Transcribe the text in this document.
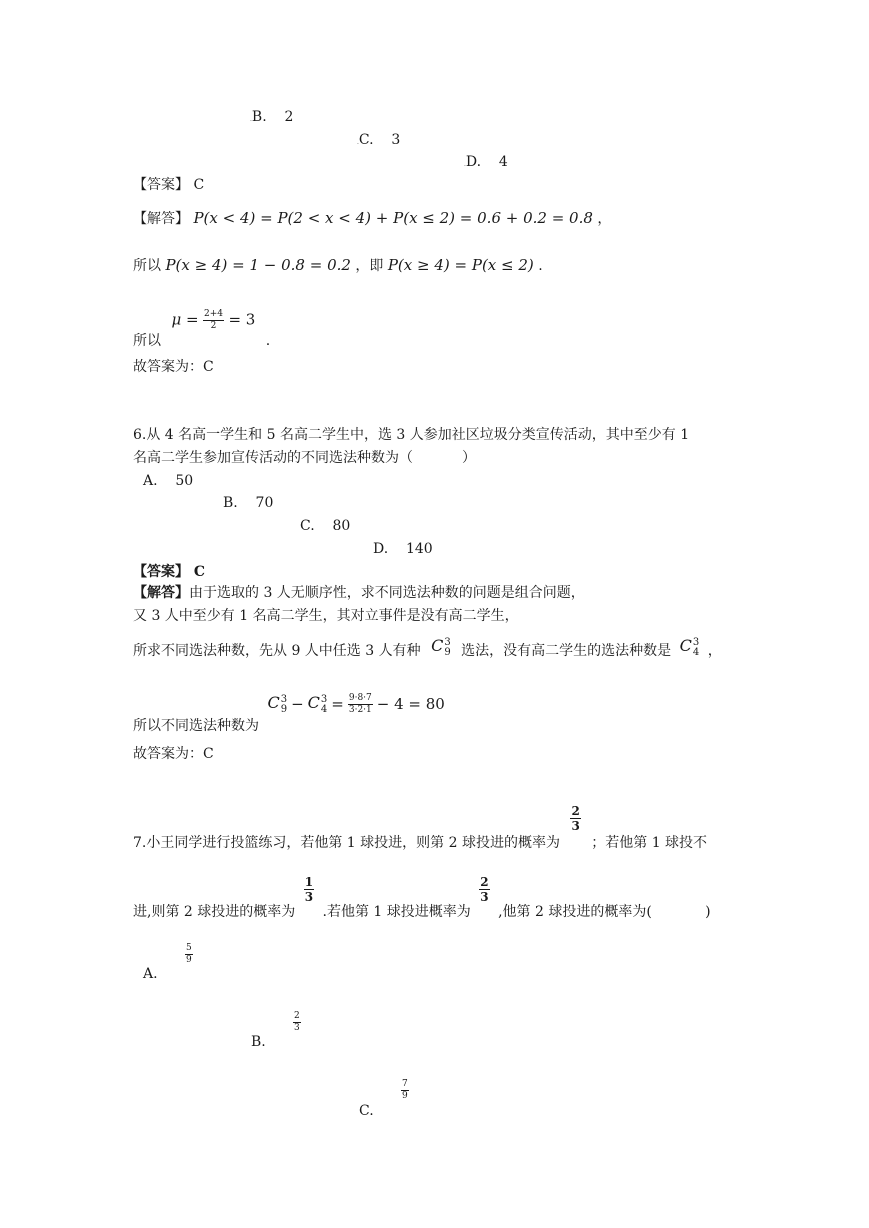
.B.    2
.C.    3
.D.    4
【答案】 C
【解答】 P(x < 4) = P(2 < x < 4) + P(x ≤ 2) = 0.6 + 0.2 = 0.8 ，
所以 P(x ≥ 4) = 1 − 0.8 = 0.2 ，即 P(x ≥ 4) = P(x ≤ 2) .
所以 $\mu = \frac{2+4}{2} = 3$ .
故答案为：C
6.从 4 名高一学生和 5 名高二学生中，选 3 人参加社区垃圾分类宣传活动，其中至少有 1
名高二学生参加宣传活动的不同选法种数为（           ）
A.    50
B.    70
C.    80
D.    140
【答案】 C
【解答】由于选取的 3 人无顺序性，求不同选法种数的问题是组合问题，
又 3 人中至少有 1 名高二学生，其对立事件是没有高二学生，
所求不同选法种数，先从 9 人中任选 3 人有种 C 3
9 选法，没有高二学生的选法种数是 C 3
4 ，
所以不同选法种数为
C 3
9 − C 3
$4 = \frac{9\cdot 8\cdot 7}{3\cdot 2\cdot 1} - 4 = 80$
故答案为：C
7.小王同学进行投篮练习，若他第 1 球投进，则第 2 球投进的概率为
$\frac{2}{3}$
；若他第 1 球投不
进,则第 2 球投进的概率为
$\frac{1}{3}$
.若他第 1 球投进概率为
$\frac{2}{3}$
,他第 2 球投进的概率为(            )
A.
$\frac{5}{9}$
B.
$\frac{2}{3}$
C.
$\frac{7}{9}$
